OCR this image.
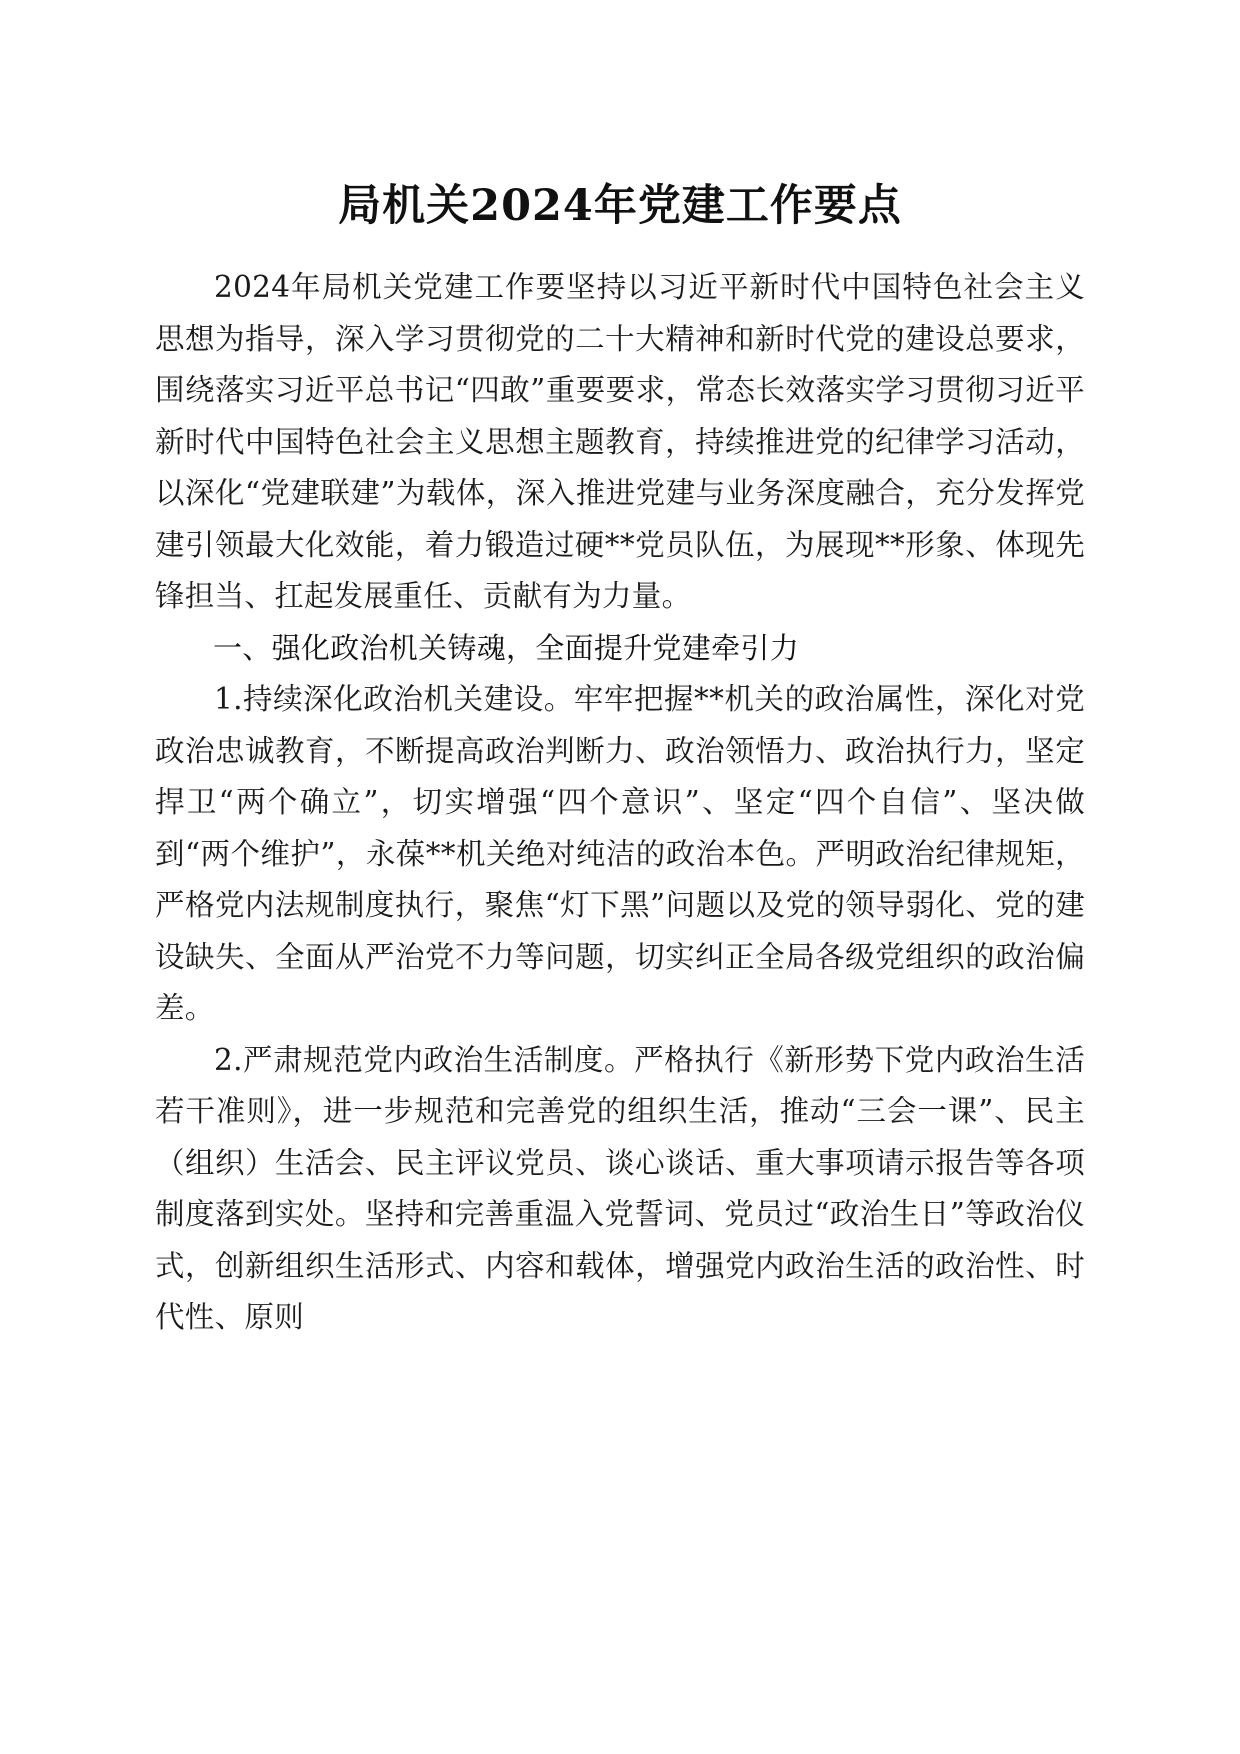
局机关2024年党建工作要点

2024年局机关党建工作要坚持以习近平新时代中国特色社会主义思想为指导，深入学习贯彻党的二十大精神和新时代党的建设总要求，围绕落实习近平总书记“四敢”重要要求，常态长效落实学习贯彻习近平新时代中国特色社会主义思想主题教育，持续推进党的纪律学习活动，以深化“党建联建”为载体，深入推进党建与业务深度融合，充分发挥党建引领最大化效能，着力锻造过硬**党员队伍，为展现**形象、体现先锋担当、扛起发展重任、贡献有为力量。

一、强化政治机关铸魂，全面提升党建牵引力

1.持续深化政治机关建设。牢牢把握**机关的政治属性，深化对党政治忠诚教育，不断提高政治判断力、政治领悟力、政治执行力，坚定捍卫“两个确立”，切实增强“四个意识”、坚定“四个自信”、坚决做到“两个维护”，永葆**机关绝对纯洁的政治本色。严明政治纪律规矩，严格党内法规制度执行，聚焦“灯下黑”问题以及党的领导弱化、党的建设缺失、全面从严治党不力等问题，切实纠正全局各级党组织的政治偏差。

2.严肃规范党内政治生活制度。严格执行《新形势下党内政治生活若干准则》，进一步规范和完善党的组织生活，推动“三会一课”、民主（组织）生活会、民主评议党员、谈心谈话、重大事项请示报告等各项制度落到实处。坚持和完善重温入党誓词、党员过“政治生日”等政治仪式，创新组织生活形式、内容和载体，增强党内政治生活的政治性、时代性、原则
